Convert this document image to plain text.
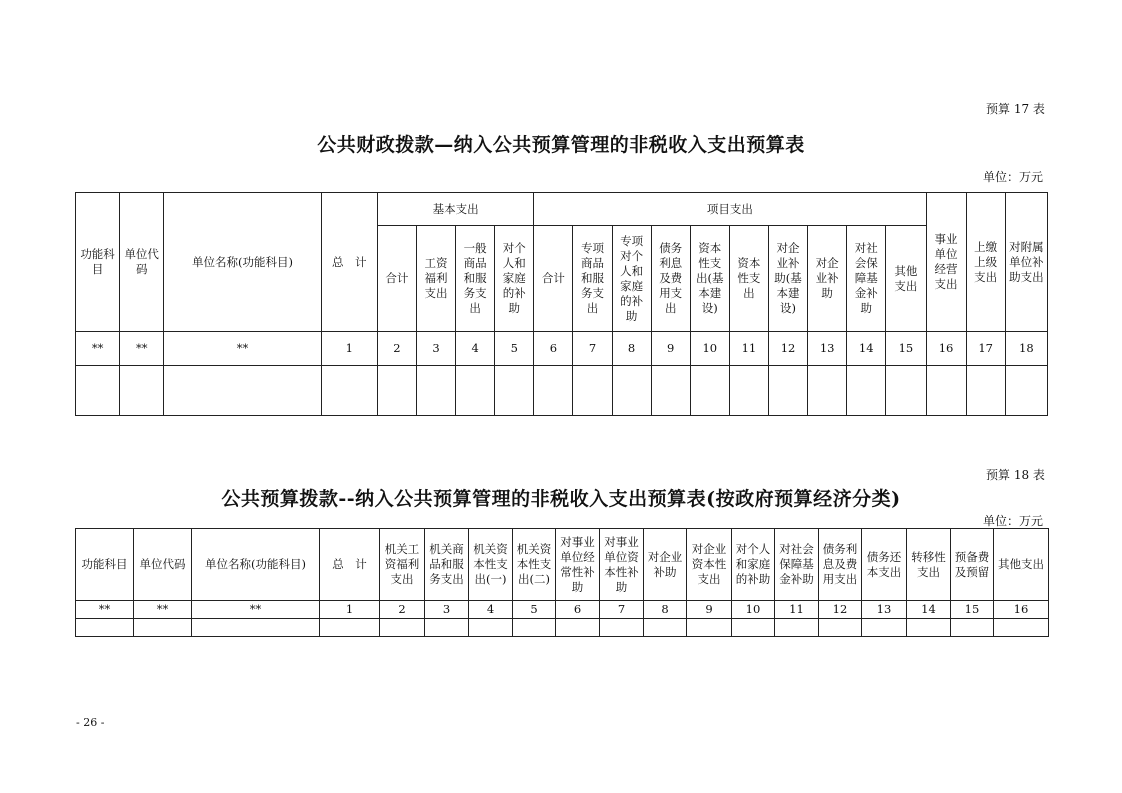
预算 17 表
公共财政拨款—纳入公共预算管理的非税收入支出预算表
单位：万元
功能科目	单位代码	单位名称(功能科目)	总　计	基本支出				项目支出										事业单位经营支出	上缴上级支出	对附属单位补助支出
				合计	工资福利支出	一般商品和服务支出	对个人和家庭的补助	合计	专项商品和服务支出	专项对个人和家庭的补助	债务利息及费用支出	资本性支出(基本建设)	资本性支出	对企业补助(基本建设)	对企业补助	对社会保障基金补助	其他支出			
**	**	**	1	2	3	4	5	6	7	8	9	10	11	12	13	14	15	16	17	18

预算 18 表
公共预算拨款--纳入公共预算管理的非税收入支出预算表(按政府预算经济分类)
单位：万元
功能科目	单位代码	单位名称(功能科目)	总　计	机关工资福利支出	机关商品和服务支出	机关资本性支出(一)	机关资本性支出(二)	对事业单位经常性补助	对事业单位资本性补助	对企业补助	对企业资本性支出	对个人和家庭的补助	对社会保障基金补助	债务利息及费用支出	债务还本支出	转移性支出	预备费及预留	其他支出
**	**	**	1	2	3	4	5	6	7	8	9	10	11	12	13	14	15	16

- 26 -
